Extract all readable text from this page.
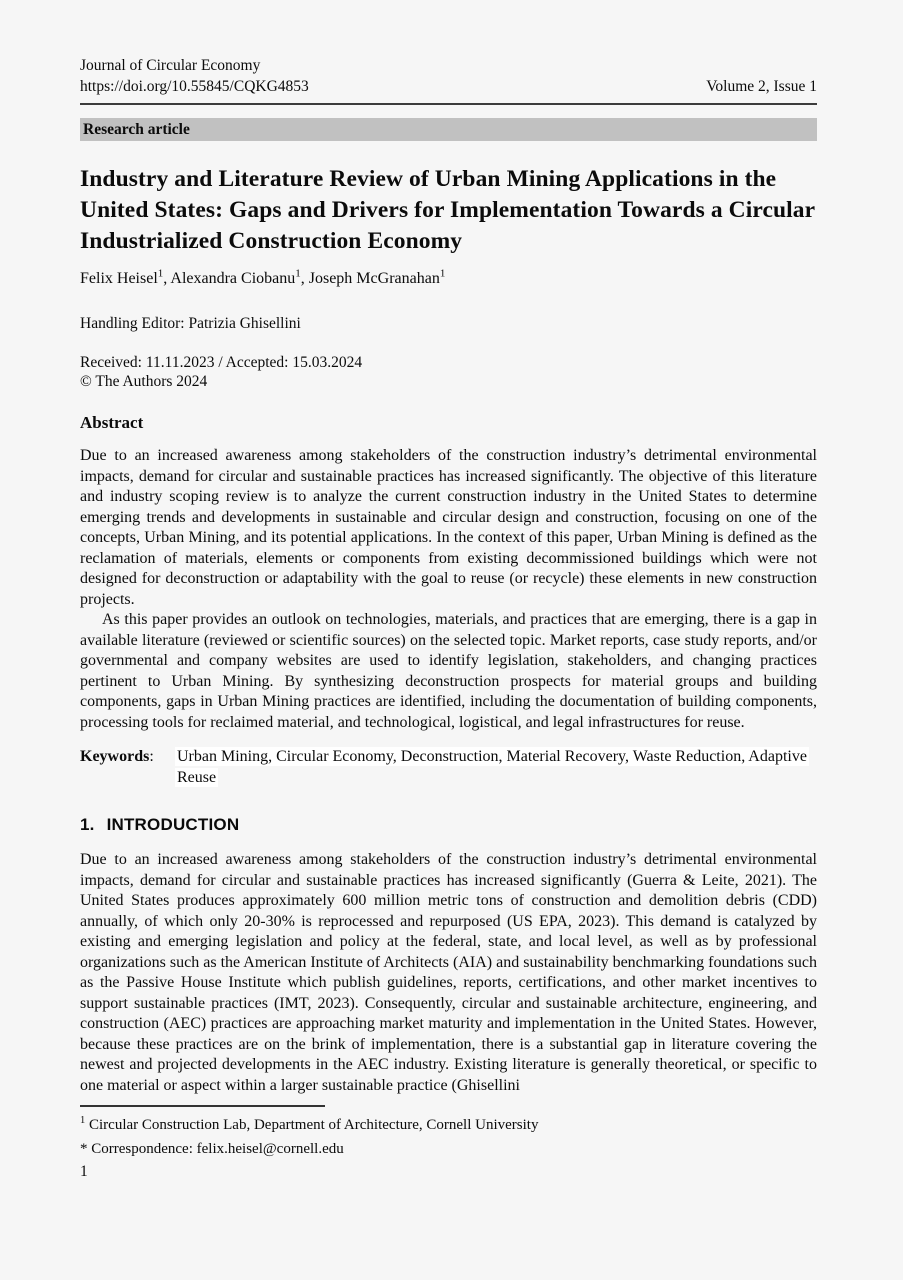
Journal of Circular Economy
https://doi.org/10.55845/CQKG4853	Volume 2, Issue 1
Research article
Industry and Literature Review of Urban Mining Applications in the United States: Gaps and Drivers for Implementation Towards a Circular Industrialized Construction Economy
Felix Heisel$^1$ , Alexandra Ciobanu$^1$ , Joseph McGranahan$^1$
Handling Editor: Patrizia Ghisellini
Received: 11.11.2023 / Accepted: 15.03.2024
© The Authors 2024
Abstract

Due to an increased awareness among stakeholders of the construction industry’s detrimental environmental impacts, demand for circular and sustainable practices has increased significantly. The objective of this literature and industry scoping review is to analyze the current construction industry in the United States to determine emerging trends and developments in sustainable and circular design and construction, focusing on one of the concepts, Urban Mining, and its potential applications. In the context of this paper, Urban Mining is defined as the reclamation of materials, elements or components from existing decommissioned buildings which were not designed for deconstruction or adaptability with the goal to reuse (or recycle) these elements in new construction projects.

As this paper provides an outlook on technologies, materials, and practices that are emerging, there is a gap in available literature (reviewed or scientific sources) on the selected topic. Market reports, case study reports, and/or governmental and company websites are used to identify legislation, stakeholders, and changing practices pertinent to Urban Mining. By synthesizing deconstruction prospects for material groups and building components, gaps in Urban Mining practices are identified, including the documentation of building components, processing tools for reclaimed material, and technological, logistical, and legal infrastructures for reuse.

Keywords: Urban Mining, Circular Economy, Deconstruction, Material Recovery, Waste Reduction, Adaptive Reuse
1. INTRODUCTION

Due to an increased awareness among stakeholders of the construction industry’s detrimental environmental impacts, demand for circular and sustainable practices has increased significantly (Guerra & Leite, 2021). The United States produces approximately 600 million metric tons of construction and demolition debris (CDD) annually, of which only 20-30% is reprocessed and repurposed (US EPA, 2023). This demand is catalyzed by existing and emerging legislation and policy at the federal, state, and local level, as well as by professional organizations such as the American Institute of Architects (AIA) and sustainability benchmarking foundations such as the Passive House Institute which publish guidelines, reports, certifications, and other market incentives to support sustainable practices (IMT, 2023). Consequently, circular and sustainable architecture, engineering, and construction (AEC) practices are approaching market maturity and implementation in the United States. However, because these practices are on the brink of implementation, there is a substantial gap in literature covering the newest and projected developments in the AEC industry. Existing literature is generally theoretical, or specific to one material or aspect within a larger sustainable practice (Ghisellini

$^1$ Circular Construction Lab, Department of Architecture, Cornell University
* Correspondence: felix.heisel@cornell.edu
1
